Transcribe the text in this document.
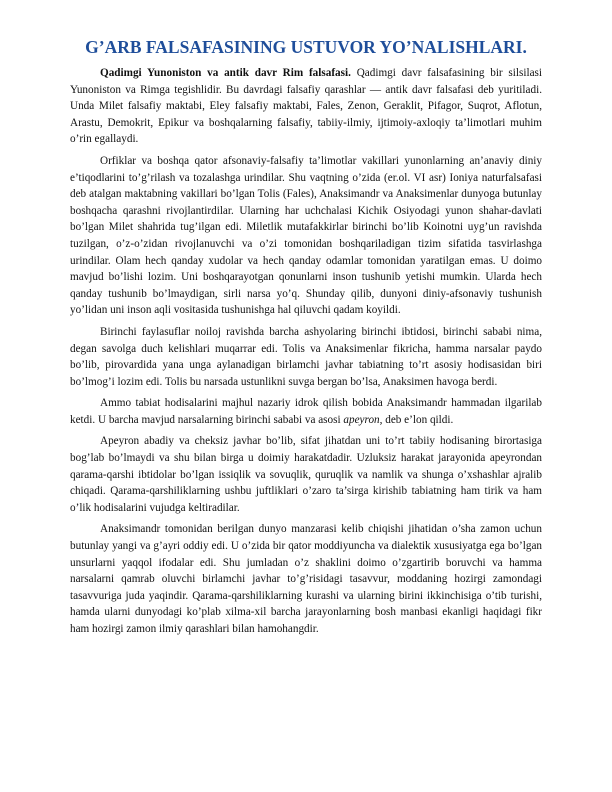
G’ARB FALSAFASINING USTUVOR YO’NALISHLARI.

Qadimgi Yunoniston va antik davr Rim falsafasi. Qadimgi davr falsafasining bir silsilasi Yunoniston va Rimga tegishlidir. Bu davrdagi falsafiy qarashlar — antik davr falsafasi deb yuritiladi. Unda Milet falsafiy maktabi, Eley falsafiy maktabi, Fales, Zenon, Geraklit, Pifagor, Suqrot, Aflotun, Arastu, Demokrit, Epikur va boshqalarning falsafiy, tabiiy-ilmiy, ijtimoiy-axloqiy ta’limotlari muhim o’rin egallaydi.

Orfiklar va boshqa qator afsonaviy-falsafiy ta’limotlar vakillari yunonlarning an’anaviy diniy e’tiqodlarini to’g’rilash va tozalashga urindilar. Shu vaqtning o’zida (er.ol. VI asr) Ioniya naturfalsafasi deb atalgan maktabning vakillari bo’lgan Tolis (Fales), Anaksimandr va Anaksimenlar dunyoga butunlay boshqacha qarashni rivojlantirdilar. Ularning har uchchalasi Kichik Osiyodagi yunon shahar-davlati bo’lgan Milet shahrida tug’ilgan edi. Miletlik mutafakkirlar birinchi bo’lib Koinotni uyg’un ravishda tuzilgan, o’z-o’zidan rivojlanuvchi va o’zi tomonidan boshqariladigan tizim sifatida tasvirlashga urindilar. Olam hech qanday xudolar va hech qanday odamlar tomonidan yaratilgan emas. U doimo mavjud bo’lishi lozim. Uni boshqarayotgan qonunlarni inson tushunib yetishi mumkin. Ularda hech qanday tushunib bo’lmaydigan, sirli narsa yo’q. Shunday qilib, dunyoni diniy-afsonaviy tushunish yo’lidan uni inson aqli vositasida tushunishga hal qiluvchi qadam koyildi.

Birinchi faylasuflar noiloj ravishda barcha ashyolaring birinchi ibtidosi, birinchi sababi nima, degan savolga duch kelishlari muqarrar edi. Tolis va Anaksimenlar fikricha, hamma narsalar paydo bo’lib, pirovardida yana unga aylanadigan birlamchi javhar tabiatning to’rt asosiy hodisasidan biri bo’lmog’i lozim edi. Tolis bu narsada ustunlikni suvga bergan bo’lsa, Anaksimen havoga berdi.

Ammo tabiat hodisalarini majhul nazariy idrok qilish bobida Anaksimandr hammadan ilgarilab ketdi. U barcha mavjud narsalarning birinchi sababi va asosi apeyron, deb e’lon qildi.

Apeyron abadiy va cheksiz javhar bo’lib, sifat jihatdan uni to’rt tabiiy hodisaning birortasiga bog’lab bo’lmaydi va shu bilan birga u doimiy harakatdadir. Uzluksiz harakat jarayonida apeyrondan qarama-qarshi ibtidolar bo’lgan issiqlik va sovuqlik, quruqlik va namlik va shunga o’xshashlar ajralib chiqadi. Qarama-qarshiliklarning ushbu juftliklari o’zaro ta’sirga kirishib tabiatning ham tirik va ham o’lik hodisalarini vujudga keltiradilar.

Anaksimandr tomonidan berilgan dunyo manzarasi kelib chiqishi jihatidan o’sha zamon uchun butunlay yangi va g’ayri oddiy edi. U o’zida bir qator moddiyuncha va dialektik xususiyatga ega bo’lgan unsurlarni yaqqol ifodalar edi. Shu jumladan o’z shaklini doimo o’zgartirib boruvchi va hamma narsalarni qamrab oluvchi birlamchi javhar to’g’risidagi tasavvur, moddaning hozirgi zamondagi tasavvuriga juda yaqindir. Qarama-qarshiliklarning kurashi va ularning birini ikkinchisiga o’tib turishi, hamda ularni dunyodagi ko’plab xilma-xil barcha jarayonlarning bosh manbasi ekanligi haqidagi fikr ham hozirgi zamon ilmiy qarashlari bilan hamohangdir.
